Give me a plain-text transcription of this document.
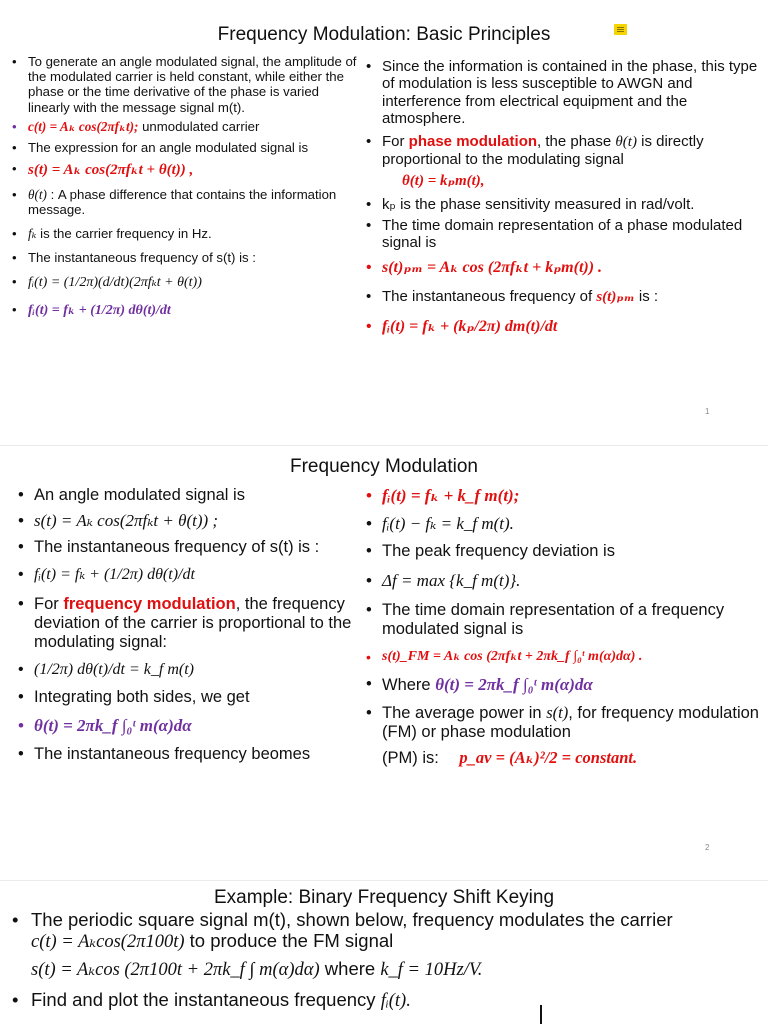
Frequency Modulation: Basic Principles
• To generate an angle modulated signal, the amplitude of the modulated carrier is held constant, while either the phase or the time derivative of the phase is varied linearly with the message signal m(t).
• c(t) = Aₖ cos(2πfₖt); unmodulated carrier
• The expression for an angle modulated signal is
• s(t) = Aₖ cos(2πfₖt + θ(t)) ,
• θ(t) : A phase difference that contains the information message.
• fₖ is the carrier frequency in Hz.
• The instantaneous frequency of s(t) is :
• fᵢ(t) = (1/2π)(d/dt)(2πfₖt + θ(t))
• fᵢ(t) = fₖ + (1/2π) dθ(t)/dt
• Since the information is contained in the phase, this type of modulation is less susceptible to AWGN and interference from electrical equipment and the atmosphere.
• For phase modulation, the phase θ(t) is directly proportional to the modulating signal
θ(t) = kₚm(t),
• kₚ is the phase sensitivity measured in rad/volt.
• The time domain representation of a phase modulated signal is
• s(t)ₚₘ = Aₖ cos (2πfₖt + kₚm(t)) .
• The instantaneous frequency of s(t)ₚₘ is :
• fᵢ(t) = fₖ + (kₚ/2π) dm(t)/dt
1
Frequency Modulation
• An angle modulated signal is
• s(t) = Aₖ cos(2πfₖt + θ(t)) ;
• The instantaneous frequency of s(t) is :
• fᵢ(t) = fₖ + (1/2π) dθ(t)/dt
• For frequency modulation, the frequency deviation of the carrier is proportional to the modulating signal:
• (1/2π) dθ(t)/dt = k_f m(t)
• Integrating both sides, we get
• θ(t) = 2πk_f ∫₀ᵗ m(α)dα
• The instantaneous frequency beomes
• fᵢ(t) = fₖ + k_f m(t);
• fᵢ(t) − fₖ = k_f m(t).
• The peak frequency deviation is
• Δf = max {k_f m(t)}.
• The time domain representation of a frequency modulated signal is
• s(t)_FM = Aₖ cos (2πfₖt + 2πk_f ∫₀ᵗ m(α)dα) .
• Where θ(t) = 2πk_f ∫₀ᵗ m(α)dα
• The average power in s(t), for frequency modulation (FM) or phase modulation
(PM) is: p_av = (Aₖ)²/2 = constant.
2
Example: Binary Frequency Shift Keying
• The periodic square signal m(t), shown below, frequency modulates the carrier
c(t) = Aₖcos(2π100t) to produce the FM signal
s(t) = Aₖcos (2π100t + 2πk_f ∫ m(α)dα) where k_f = 10Hz/V.
• Find and plot the instantaneous frequency fᵢ(t).
